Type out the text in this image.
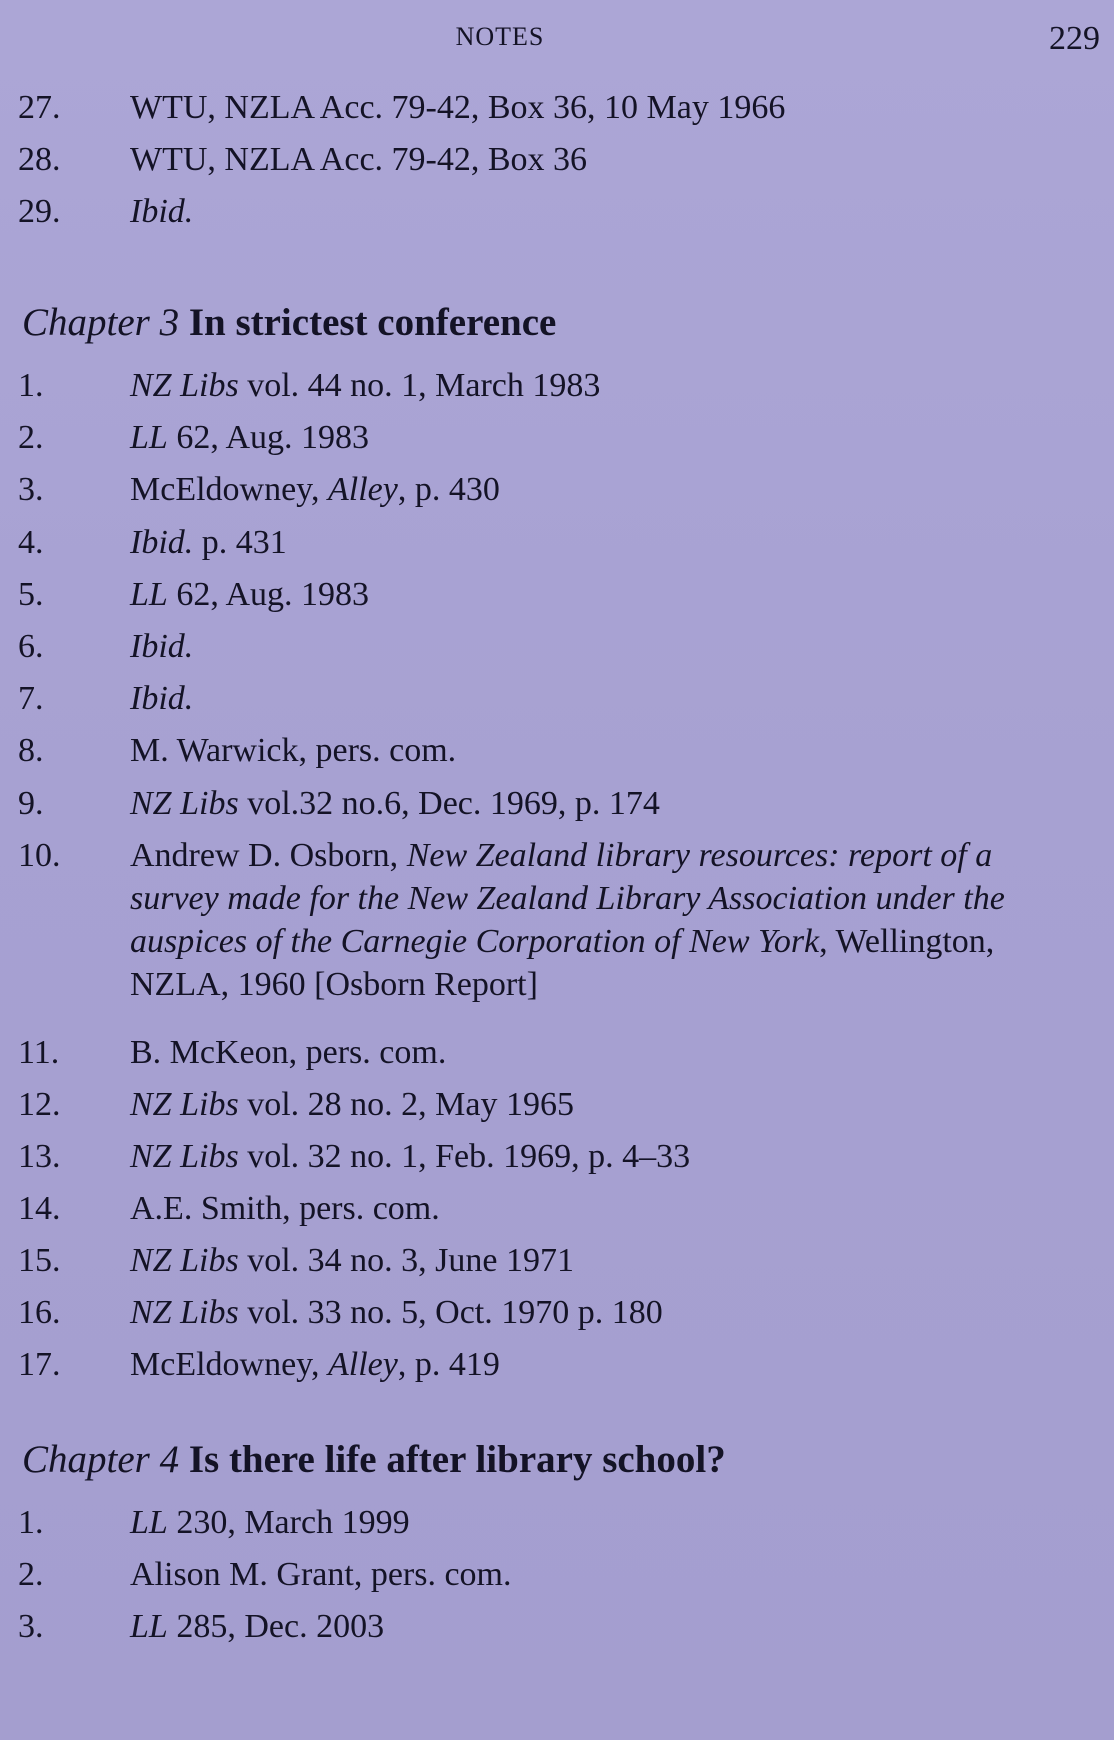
NOTES	229
27. WTU, NZLA Acc. 79-42, Box 36, 10 May 1966
28. WTU, NZLA Acc. 79-42, Box 36
29. Ibid.
Chapter 3 In strictest conference
1.	NZ Libs vol. 44 no. 1, March 1983
2.	LL 62, Aug. 1983
3.	McEldowney, Alley, p. 430
4.	Ibid. p. 431
5.	LL 62, Aug. 1983
6.	Ibid.
7.	Ibid.
8.	M. Warwick, pers. com.
9.	NZ Libs vol.32 no.6, Dec. 1969, p. 174
10. Andrew D. Osborn, New Zealand library resources: report of a survey made for the New Zealand Library Association under the auspices of the Carnegie Corporation of New York, Wellington, NZLA, 1960 [Osborn Report]
11. B. McKeon, pers. com.
12. NZ Libs vol. 28 no. 2, May 1965
13. NZ Libs vol. 32 no. 1, Feb. 1969, p. 4–33
14. A.E. Smith, pers. com.
15. NZ Libs vol. 34 no. 3, June 1971
16. NZ Libs vol. 33 no. 5, Oct. 1970 p. 180
17. McEldowney, Alley, p. 419
Chapter 4 Is there life after library school?
1.	LL 230, March 1999
2.	Alison M. Grant, pers. com.
3.	LL 285, Dec. 2003
